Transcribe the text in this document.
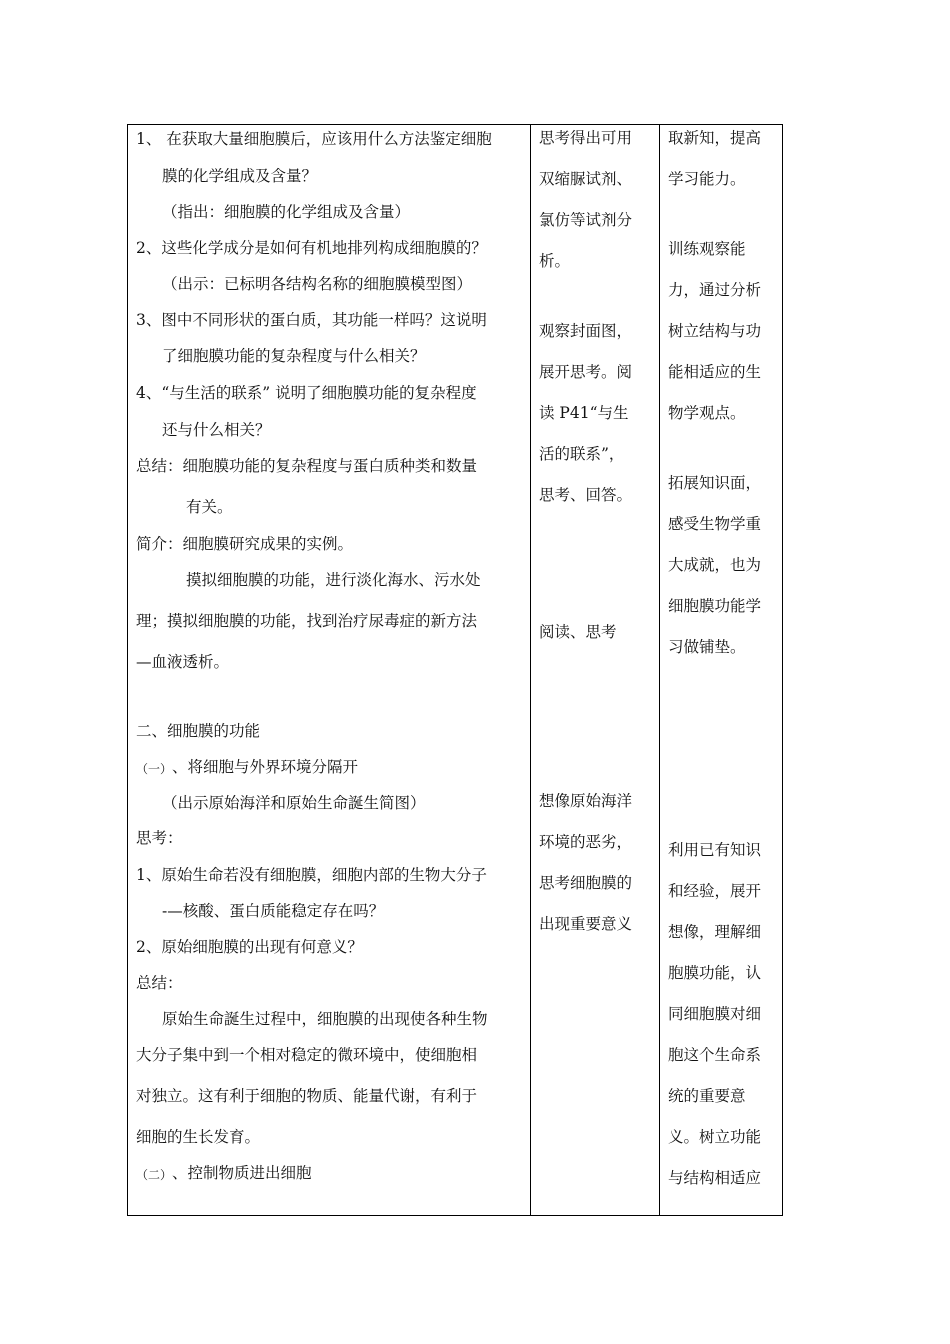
1、 在获取大量细胞膜后，应该用什么方法鉴定细胞
膜的化学组成及含量？
（指出：细胞膜的化学组成及含量）
2、这些化学成分是如何有机地排列构成细胞膜的？
（出示：已标明各结构名称的细胞膜模型图）
3、图中不同形状的蛋白质，其功能一样吗？这说明
了细胞膜功能的复杂程度与什么相关？
4、“与生活的联系” 说明了细胞膜功能的复杂程度
还与什么相关？
总结：细胞膜功能的复杂程度与蛋白质种类和数量
有关。
简介：细胞膜研究成果的实例。
摸拟细胞膜的功能，进行淡化海水、污水处
理；摸拟细胞膜的功能，找到治疗尿毒症的新方法
—血液透析。
二、细胞膜的功能
（一） 、将细胞与外界环境分隔开
（出示原始海洋和原始生命誕生简图）
思考：
1、原始生命若没有细胞膜，细胞内部的生物大分子
-—核酸、蛋白质能稳定存在吗？
2、原始细胞膜的出现有何意义？
总结：
原始生命誕生过程中，细胞膜的出现使各种生物
大分子集中到一个相对稳定的微环境中，使细胞相
对独立。这有利于细胞的物质、能量代谢，有利于
细胞的生长发育。
（二） 、控制物质进出细胞
思考得出可用
双缩脲试剂、
氯仿等试剂分
析。
观察封面图，
展开思考。阅
读 P41“与生
活的联系”，
思考、回答。
阅读、思考
想像原始海洋
环境的恶劣，
思考细胞膜的
出现重要意义
取新知，提高
学习能力。
训练观察能
力，通过分析
树立结构与功
能相适应的生
物学观点。
拓展知识面，
感受生物学重
大成就，也为
细胞膜功能学
习做铺垫。
利用已有知识
和经验，展开
想像，理解细
胞膜功能，认
同细胞膜对细
胞这个生命系
统的重要意
义。树立功能
与结构相适应
